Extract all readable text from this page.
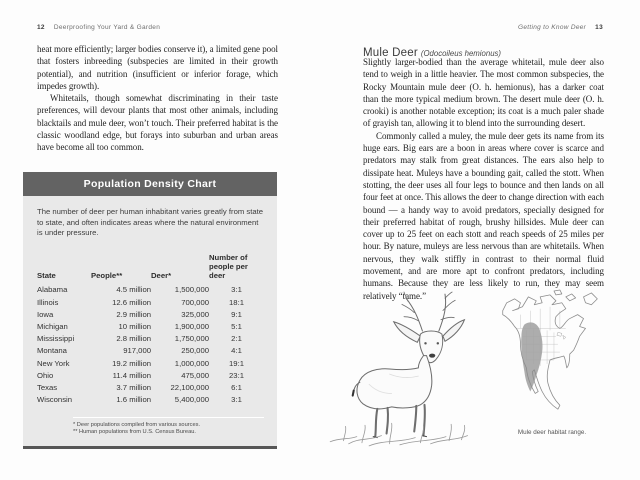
12 Deerproofing Your Yard & Garden

heat more efficiently; larger bodies conserve it), a limited gene pool that fosters inbreeding (subspecies are limited in their growth potential), and nutrition (insufficient or inferior forage, which impedes growth).

Whitetails, though somewhat discriminating in their taste preferences, will devour plants that most other animals, including blacktails and mule deer, won’t touch. Their preferred habitat is the classic woodland edge, but forays into suburban and urban areas have become all too common.

Population Density Chart

The number of deer per human inhabitant varies greatly from state to state, and often indicates areas where the natural environment is under pressure.

State	People**	Deer*	Number of people per deer
Alabama	4.5 million	1,500,000	3:1
Illinois	12.6 million	700,000	18:1
Iowa	2.9 million	325,000	9:1
Michigan	10 million	1,900,000	5:1
Mississippi	2.8 million	1,750,000	2:1
Montana	917,000	250,000	4:1
New York	19.2 million	1,000,000	19:1
Ohio	11.4 million	475,000	23:1
Texas	3.7 million	22,100,000	6:1
Wisconsin	1.6 million	5,400,000	3:1
* Deer populations compiled from various sources.
** Human populations from U.S. Census Bureau.
Getting to Know Deer 13
Mule Deer (Odocoileus hemionus)

Slightly larger-bodied than the average whitetail, mule deer also tend to weigh in a little heavier. The most common subspecies, the Rocky Mountain mule deer (O. h. hemionus), has a darker coat than the more typical medium brown. The desert mule deer (O. h. crooki) is another notable exception; its coat is a much paler shade of grayish tan, allowing it to blend into the surrounding desert.

Commonly called a muley, the mule deer gets its name from its huge ears. Big ears are a boon in areas where cover is scarce and predators may stalk from great distances. The ears also help to dissipate heat. Muleys have a bounding gait, called the stott. When stotting, the deer uses all four legs to bounce and then lands on all four feet at once. This allows the deer to change direction with each bound — a handy way to avoid predators, specially designed for their preferred habitat of rough, brushy hillsides. Mule deer can cover up to 25 feet on each stott and reach speeds of 25 miles per hour. By nature, muleys are less nervous than are whitetails. When nervous, they walk stiffly in contrast to their normal fluid movement, and are more apt to confront predators, including humans. Because they are less likely to run, they may seem relatively “tame.”

Mule deer habitat range.
